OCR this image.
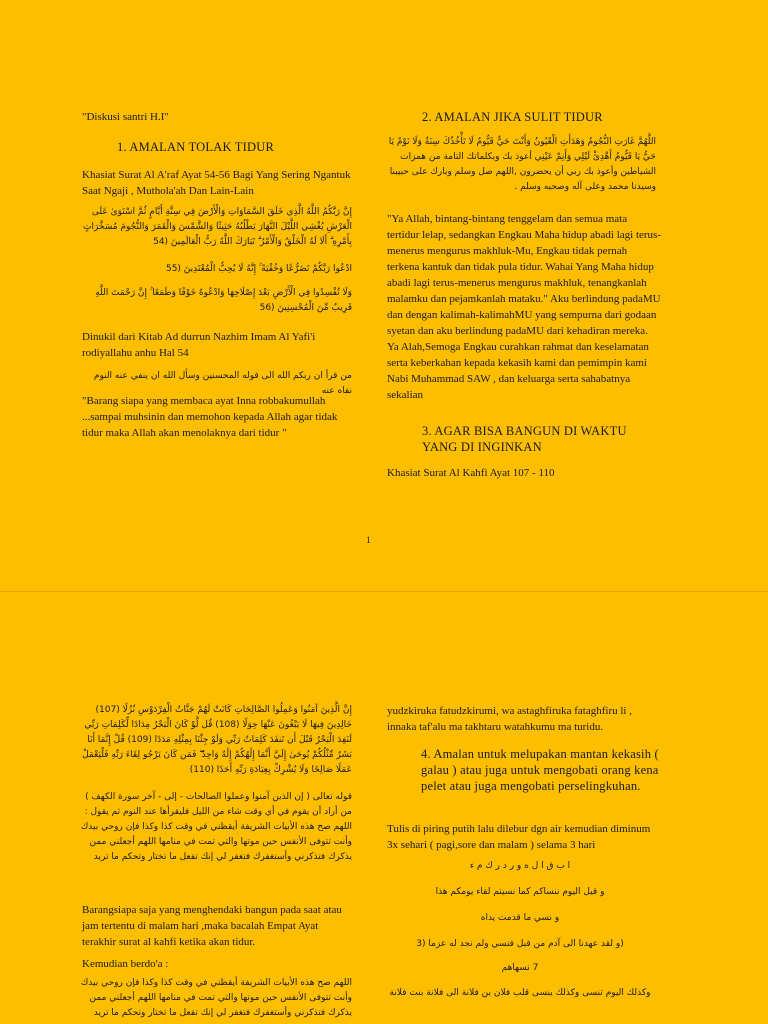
"Diskusi santri H.I"
1. AMALAN TOLAK TIDUR
Khasiat Surat Al A'raf Ayat 54-56 Bagi Yang Sering Ngantuk Saat Ngaji , Muthola'ah Dan Lain-Lain
إِنَّ رَبَّكُمُ اللَّهُ الَّذِي خَلَقَ السَّمَاوَاتِ وَالْأَرْضَ فِي سِتَّةِ أَيَّامٍ ثُمَّ اسْتَوَىٰ عَلَى الْعَرْشِ يُغْشِي اللَّيْلَ النَّهَارَ يَطْلُبُهُ حَثِيثًا وَالشَّمْسَ وَالْقَمَرَ وَالنُّجُومَ مُسَخَّرَاتٍ بِأَمْرِهِ ۗ أَلَا لَهُ الْخَلْقُ وَالْأَمْرُ ۗ تَبَارَكَ اللَّهُ رَبُّ الْعَالَمِينَ (54
ادْعُوا رَبَّكُمْ تَضَرُّعًا وَخُفْيَةً ۚ إِنَّهُ لَا يُحِبُّ الْمُعْتَدِينَ (55
وَلَا تُفْسِدُوا فِي الْأَرْضِ بَعْدَ إِصْلَاحِهَا وَادْعُوهُ خَوْفًا وَطَمَعًا ۚ إِنَّ رَحْمَتَ اللَّهِ قَرِيبٌ مِّنَ الْمُحْسِنِينَ (56
Dinukil dari Kitab Ad durrun Nazhim Imam Al Yafi'i rodiyallahu anhu Hal 54
من قرأ ان ربكم الله الى قوله المحسنين وسأل الله ان ينفي عنه النوم نفاه عنه
"Barang siapa yang membaca ayat Inna robbakumullah ...sampai muhsinin dan memohon kepada Allah agar tidak tidur maka Allah akan menolaknya dari tidur "
2. AMALAN JIKA SULIT TIDUR
اللَّهُمَّ غَارَتِ النُّجُومُ وَهَدَأَتِ الْعُيُونُ وَأَنْتَ حَيٌّ قَيُّومٌ لَا تَأْخُذُكَ سِنَةٌ وَلَا نَوْمٌ يَا حَيُّ يَا قَيُّومُ أَهْدِئْ لَيْلِي وَأَنِمْ عَيْنِي أعوذ بك وبكلماتك التامة من همزات الشياطين وأعوذ بك ربي أن يحضرون ,اللهم صل وسلم وبارك على حبيبنا وسيدنا محمد وعلى آله وصحبه وسلم .
"Ya Allah, bintang-bintang tenggelam dan semua mata tertidur lelap, sedangkan Engkau Maha hidup abadi lagi terus-menerus mengurus makhluk-Mu, Engkau tidak pernah terkena kantuk dan tidak pula tidur. Wahai Yang Maha hidup abadi lagi terus-menerus mengurus makhluk, tenangkanlah malamku dan pejamkanlah mataku." Aku berlindung padaMU dan dengan kalimah-kalimahMU yang sempurna dari godaan syetan dan aku berlindung padaMU dari kehadiran mereka. Ya Alah,Semoga Engkau curahkan rahmat dan keselamatan serta keberkahan kepada kekasih kami dan pemimpin kami Nabi Muhammad SAW , dan keluarga serta sahabatnya sekalian
3. AGAR BISA BANGUN DI WAKTU YANG DI INGINKAN
Khasiat Surat Al Kahfi Ayat 107 - 110
1
إِنَّ الَّذِينَ آمَنُوا وَعَمِلُوا الصَّالِحَاتِ كَانَتْ لَهُمْ جَنَّاتُ الْفِرْدَوْسِ نُزُلًا (107) خَالِدِينَ فِيهَا لَا يَبْغُونَ عَنْهَا حِوَلًا (108) قُل لَّوْ كَانَ الْبَحْرُ مِدَادًا لِّكَلِمَاتِ رَبِّي لَنَفِدَ الْبَحْرُ قَبْلَ أَن تَنفَدَ كَلِمَاتُ رَبِّي وَلَوْ جِئْنَا بِمِثْلِهِ مَدَدًا (109) قُلْ إِنَّمَا أَنَا بَشَرٌ مِّثْلُكُمْ يُوحَىٰ إِلَيَّ أَنَّمَا إِلَٰهُكُمْ إِلَٰهٌ وَاحِدٌ ۖ فَمَن كَانَ يَرْجُو لِقَاءَ رَبِّهِ فَلْيَعْمَلْ عَمَلًا صَالِحًا وَلَا يُشْرِكْ بِعِبَادَةِ رَبِّهِ أَحَدًا (110)
قوله تعالى ( إن الذين آمنوا وعملوا الصالحات - إلى - آخر سورة الكهف ) من أراد أن يقوم في أي وقت شاء من الليل فليقرأها عند النوم ثم يقول : اللهم صح هذه الأبيات الشريفة أيقظني في وقت كذا وكذا فإن روحي بيدك وأنت تتوفى الأنفس حين موتها والتي تمت في منامها اللهم أجعلني ممن يذكرك فتذكرني وأستغفرك فتغفر لي إنك تفعل ما تختار وتحكم ما تريد
Barangsiapa saja yang menghendaki bangun pada saat atau jam tertentu di malam hari ,maka bacalah Empat Ayat terakhir surat al kahfi ketika akan tidur.
Kemudian berdo'a :
اللهم صح هذه الأبيات الشريفة أيقظني في وقت كذا وكذا فإن روحي بيدك وأنت تتوفى الأنفس حين موتها والتي تمت في منامها اللهم أجعلني ممن يذكرك فتذكرني وأستغفرك فتغفر لي إنك تفعل ما تختار وتحكم ما تريد
yudzkiruka fatudzkirumi, wa astaghfiruka fataghfiru li , innaka taf'alu ma takhtaru watahkumu ma turidu.
4. Amalan untuk melupakan mantan kekasih ( galau ) atau juga untuk mengobati orang kena pelet atau juga mengobati perselingkuhan.
Tulis di piring putih lalu dilebur dgn air kemudian diminum 3x sehari ( pagi,sore dan malam ) selama 3 hari
ا ب ق ا ل ه و ر د ر ك م ء
و قيل اليوم ننساكم كما نسيتم لقاء يومكم هذا
و نسي ما قدمت يداه
(و لقد عهدنا الى آدم من قبل فنسي ولم نجد له عزما (3
7 نسهاهم
وكذلك اليوم تنسى وكذلك ينسى قلب فلان بن فلانة الى فلانة بنت فلانة
